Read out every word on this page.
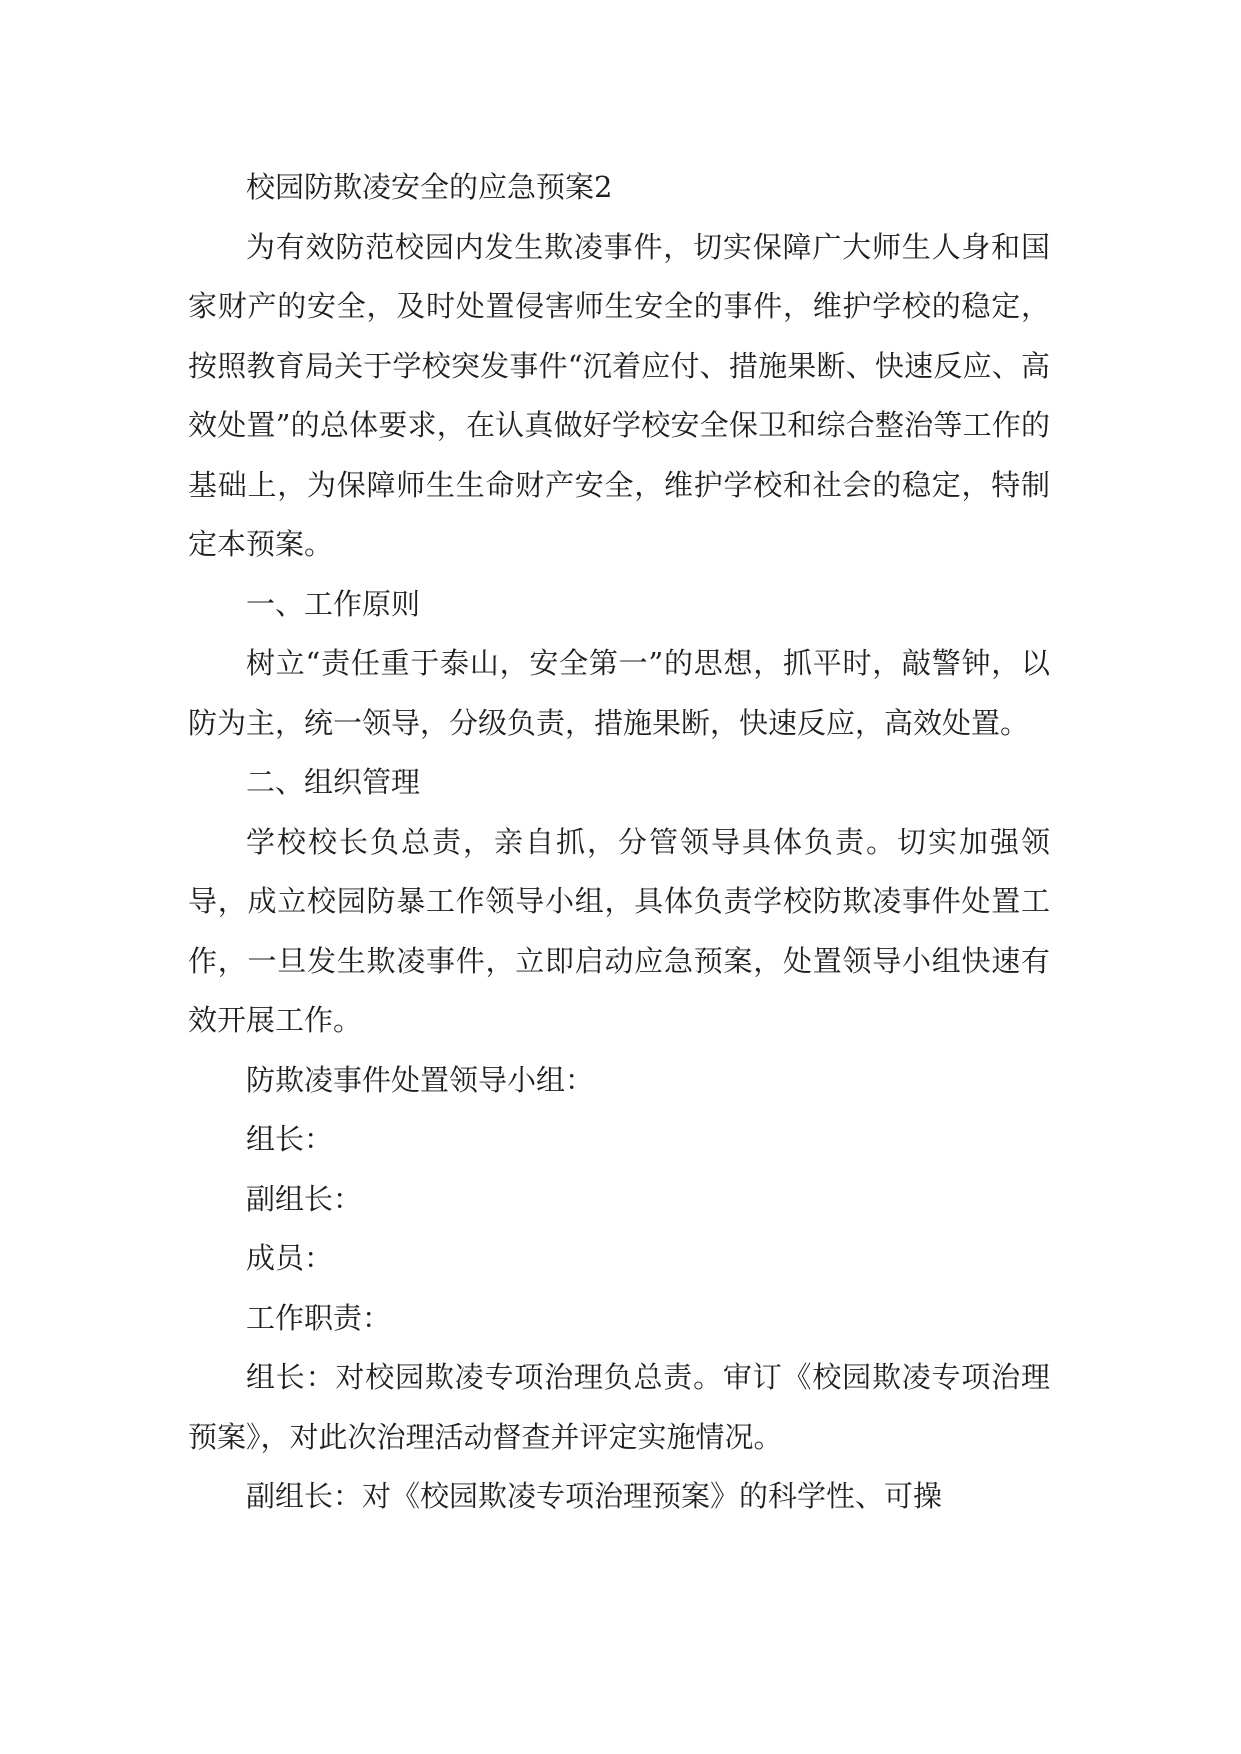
校园防欺凌安全的应急预案2

为有效防范校园内发生欺凌事件，切实保障广大师生人身和国家财产的安全，及时处置侵害师生安全的事件，维护学校的稳定，按照教育局关于学校突发事件“沉着应付、措施果断、快速反应、高效处置”的总体要求，在认真做好学校安全保卫和综合整治等工作的基础上，为保障师生生命财产安全，维护学校和社会的稳定，特制定本预案。

一、工作原则

树立“责任重于泰山，安全第一”的思想，抓平时，敲警钟，以防为主，统一领导，分级负责，措施果断，快速反应，高效处置。

二、组织管理

学校校长负总责，亲自抓，分管领导具体负责。切实加强领导，成立校园防暴工作领导小组，具体负责学校防欺凌事件处置工作，一旦发生欺凌事件，立即启动应急预案，处置领导小组快速有效开展工作。

防欺凌事件处置领导小组：

组长：

副组长：

成员：

工作职责：

组长：对校园欺凌专项治理负总责。审订《校园欺凌专项治理预案》，对此次治理活动督查并评定实施情况。

副组长：对《校园欺凌专项治理预案》的科学性、可操
